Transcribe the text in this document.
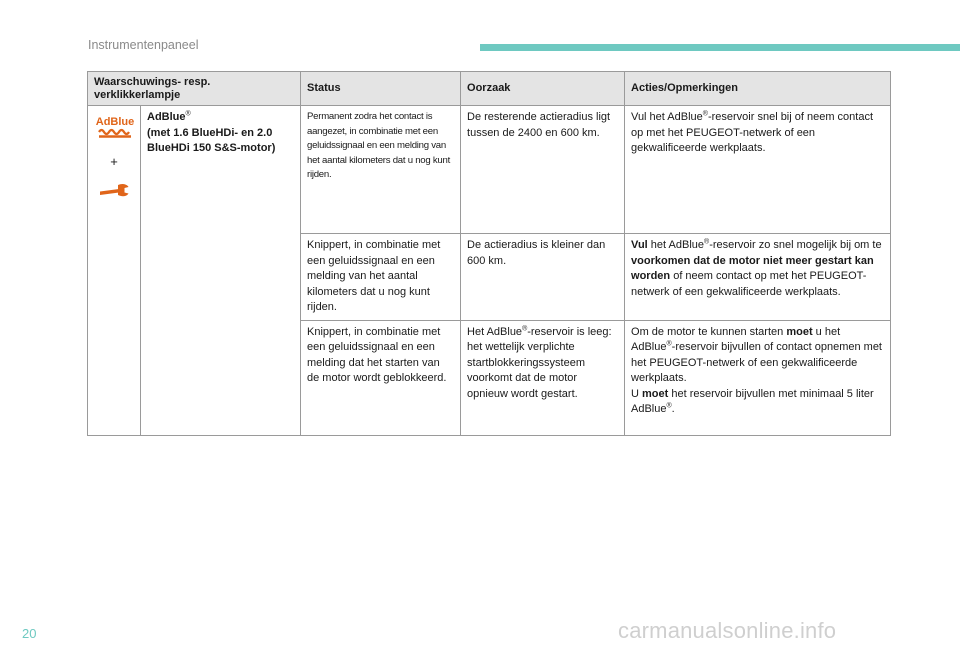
Instrumentenpaneel
Waarschuwings- resp. verklikkerlampje		Status	Oorzaak	Acties/Opmerkingen

AdBlue
+	AdBlue®
(met 1.6 BlueHDi- en 2.0 BlueHDi 150 S&S-motor)	Permanent zodra het contact is aangezet, in combinatie met een geluidssignaal en een melding van het aantal kilometers dat u nog kunt rijden.	De resterende actieradius ligt tussen de 2400 en 600 km.	Vul het AdBlue®-reservoir snel bij of neem contact op met het PEUGEOT-netwerk of een gekwalificeerde werkplaats.
		Knippert, in combinatie met een geluidssignaal en een melding van het aantal kilometers dat u nog kunt rijden.	De actieradius is kleiner dan 600 km.	Vul het AdBlue®-reservoir zo snel mogelijk bij om te voorkomen dat de motor niet meer gestart kan worden of neem contact op met het PEUGEOT-netwerk of een gekwalificeerde werkplaats.
		Knippert, in combinatie met een geluidssignaal en een melding dat het starten van de motor wordt geblokkeerd.	Het AdBlue®-reservoir is leeg: het wettelijk verplichte startblokkeringssysteem voorkomt dat de motor opnieuw wordt gestart.	Om de motor te kunnen starten moet u het AdBlue®-reservoir bijvullen of contact opnemen met het PEUGEOT-netwerk of een gekwalificeerde werkplaats.
U moet het reservoir bijvullen met minimaal 5 liter AdBlue®.
20	carmanualsonline.info
